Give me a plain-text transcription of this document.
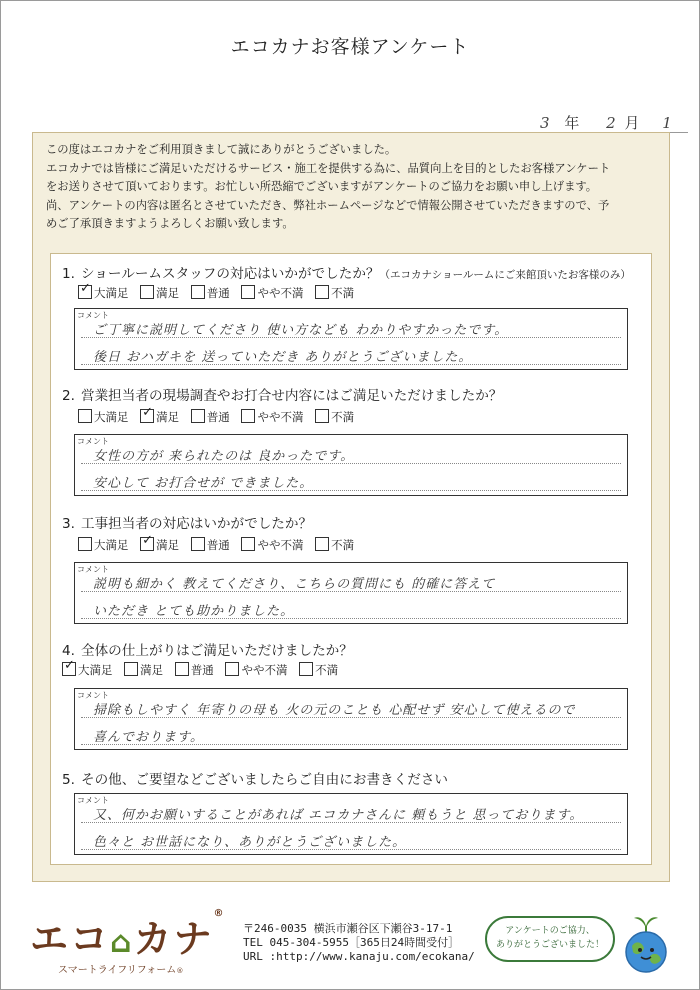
エコカナお客様アンケート
3 年 2 月 1
この度はエコカナをご利用頂きまして誠にありがとうございました。
エコカナでは皆様にご満足いただけるサービス・施工を提供する為に、品質向上を目的としたお客様アンケート
をお送りさせて頂いております。お忙しい所恐縮でございますがアンケートのご協力をお願い申し上げます。
尚、アンケートの内容は匿名とさせていただき、弊社ホームページなどで情報公開させていただきますので、予
めご了承頂きますようよろしくお願い致します。
1. ショールームスタッフの対応はいかがでしたか？（エコカナショールームにご来館頂いたお客様のみ）
✓大満足 満足 普通 やや不満 不満
コメント
ご丁寧に説明してくださり 使い方なども わかりやすかったです。
後日 おハガキを 送っていただき ありがとうございました。
2. 営業担当者の現場調査やお打合せ内容にはご満足いただけましたか？
大満足 ✓ 満足 普通 やや不満 不満
コメント
女性の方が 来られたのは 良かったです。
安心して お打合せが できました。
3. 工事担当者の対応はいかがでしたか？
大満足 ✓ 満足 普通 やや不満 不満
コメント
説明も細かく 教えてくださり、こちらの質問にも 的確に答えて
いただき とても助かりました。
4. 全体の仕上がりはご満足いただけましたか？
✓大満足 満足 普通 やや不満 不満
コメント
掃除もしやすく 年寄りの母も 火の元のことも 心配せず 安心して使えるので
喜んでおります。
5. その他、ご要望などございましたらご自由にお書きください
コメント
又、何かお願いすることがあれば エコカナさんに 頼もうと 思っております。
色々と お世話になり、ありがとうございました。
エコ⌂カナ®
スマートライフリフォーム®
〒246-0035 横浜市瀬谷区下瀬谷3-17-1
TEL 045-304-5955［365日24時間受付］
URL :http://www.kanaju.com/ecokana/
アンケートのご協力、
ありがとうございました！
